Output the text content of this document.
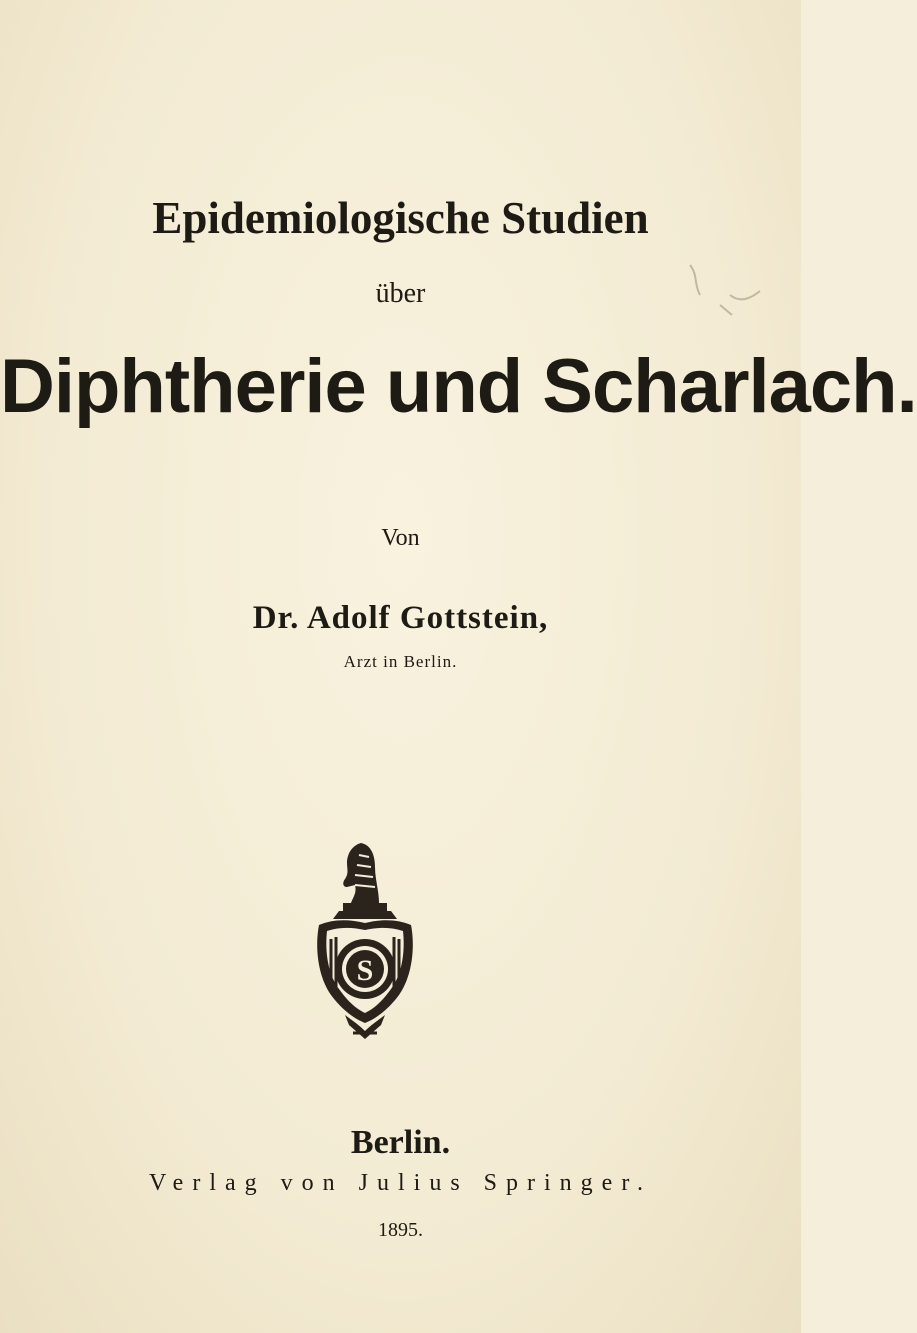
Epidemiologische Studien
über
Diphtherie und Scharlach.
Von
Dr. Adolf Gottstein,
Arzt in Berlin.
S
Berlin.
Verlag von Julius Springer.
1895.
